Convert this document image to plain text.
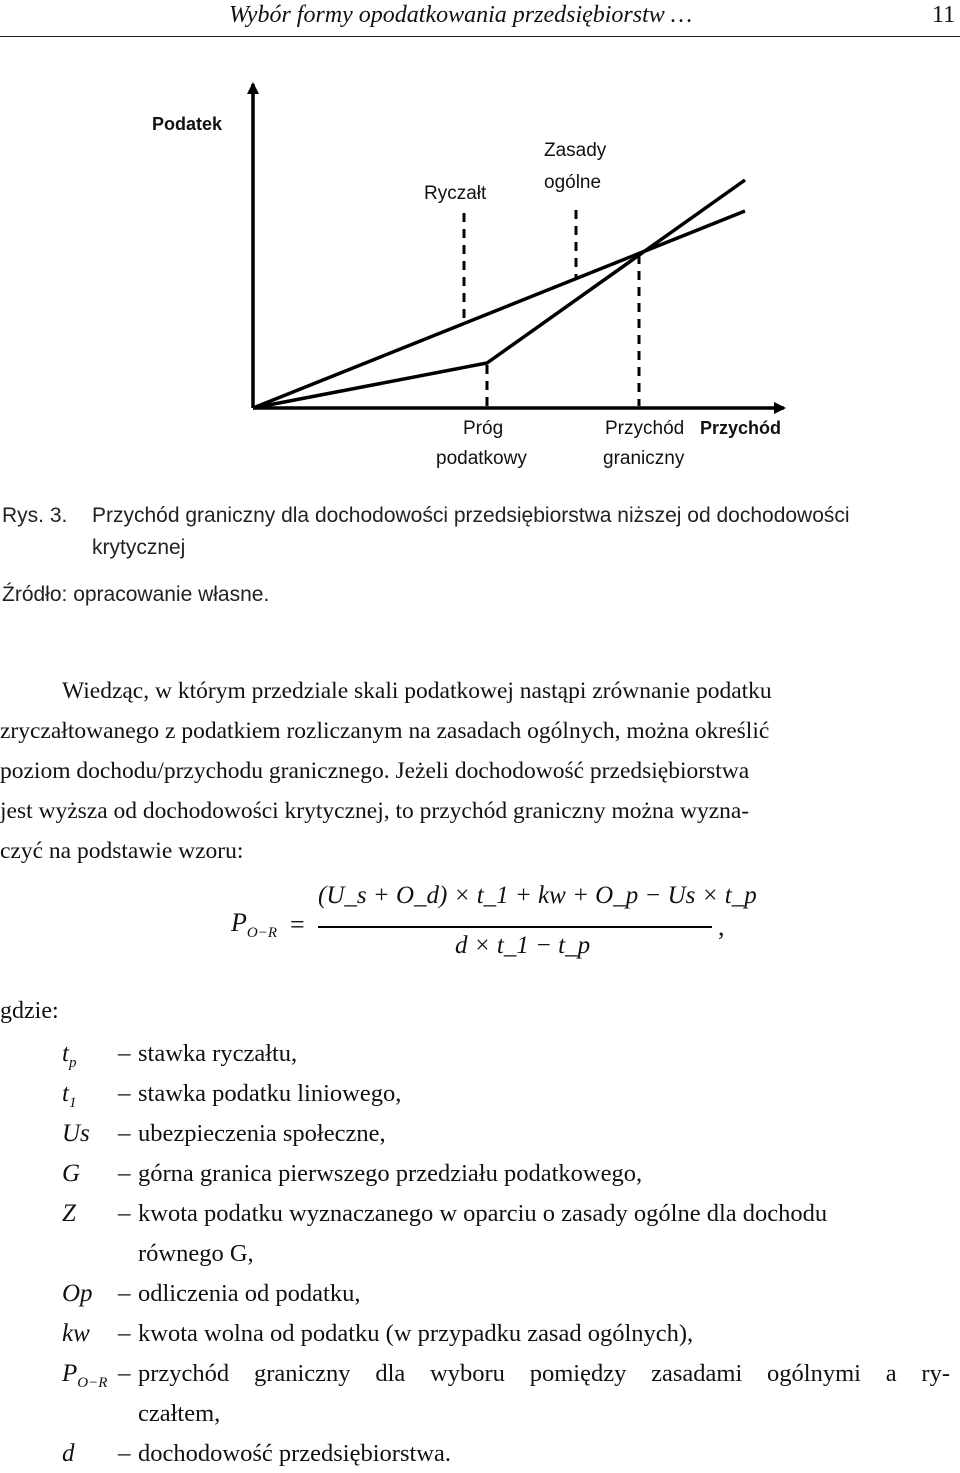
Wybór formy opodatkowania przedsiębiorstw …	11
Podatek
Ryczałt
Zasady
ogólne
Próg
podatkowy
Przychód
graniczny
Przychód
Rys. 3. Przychód graniczny dla dochodowości przedsiębiorstwa niższej od dochodowości
krytycznej
Źródło: opracowanie własne.
Wiedząc, w którym przedziale skali podatkowej nastąpi zrównanie podatku
zryczałtowanego z podatkiem rozliczanym na zasadach ogólnych, można określić
poziom dochodu/przychodu granicznego. Jeżeli dochodowość przedsiębiorstwa
jest wyższa od dochodowości krytycznej, to przychód graniczny można wyzna-
czyć na podstawie wzoru:
$P_{O-R}$ =
(U_s + O_d) × t_1 + kw + O_p − Us × t_p
d × t_1 − t_p
,
gdzie:
$t_p$ – stawka ryczałtu,
$t_1$ – stawka podatku liniowego,
Us – ubezpieczenia społeczne,
G – górna granica pierwszego przedziału podatkowego,
Z – kwota podatku wyznaczanego w oparciu o zasady ogólne dla dochodu
równego G,
Op – odliczenia od podatku,
kw – kwota wolna od podatku (w przypadku zasad ogólnych),
$P_{O-R}$ – przychód graniczny dla wyboru pomiędzy zasadami ogólnymi a ry-
czałtem,
d – dochodowość przedsiębiorstwa.
